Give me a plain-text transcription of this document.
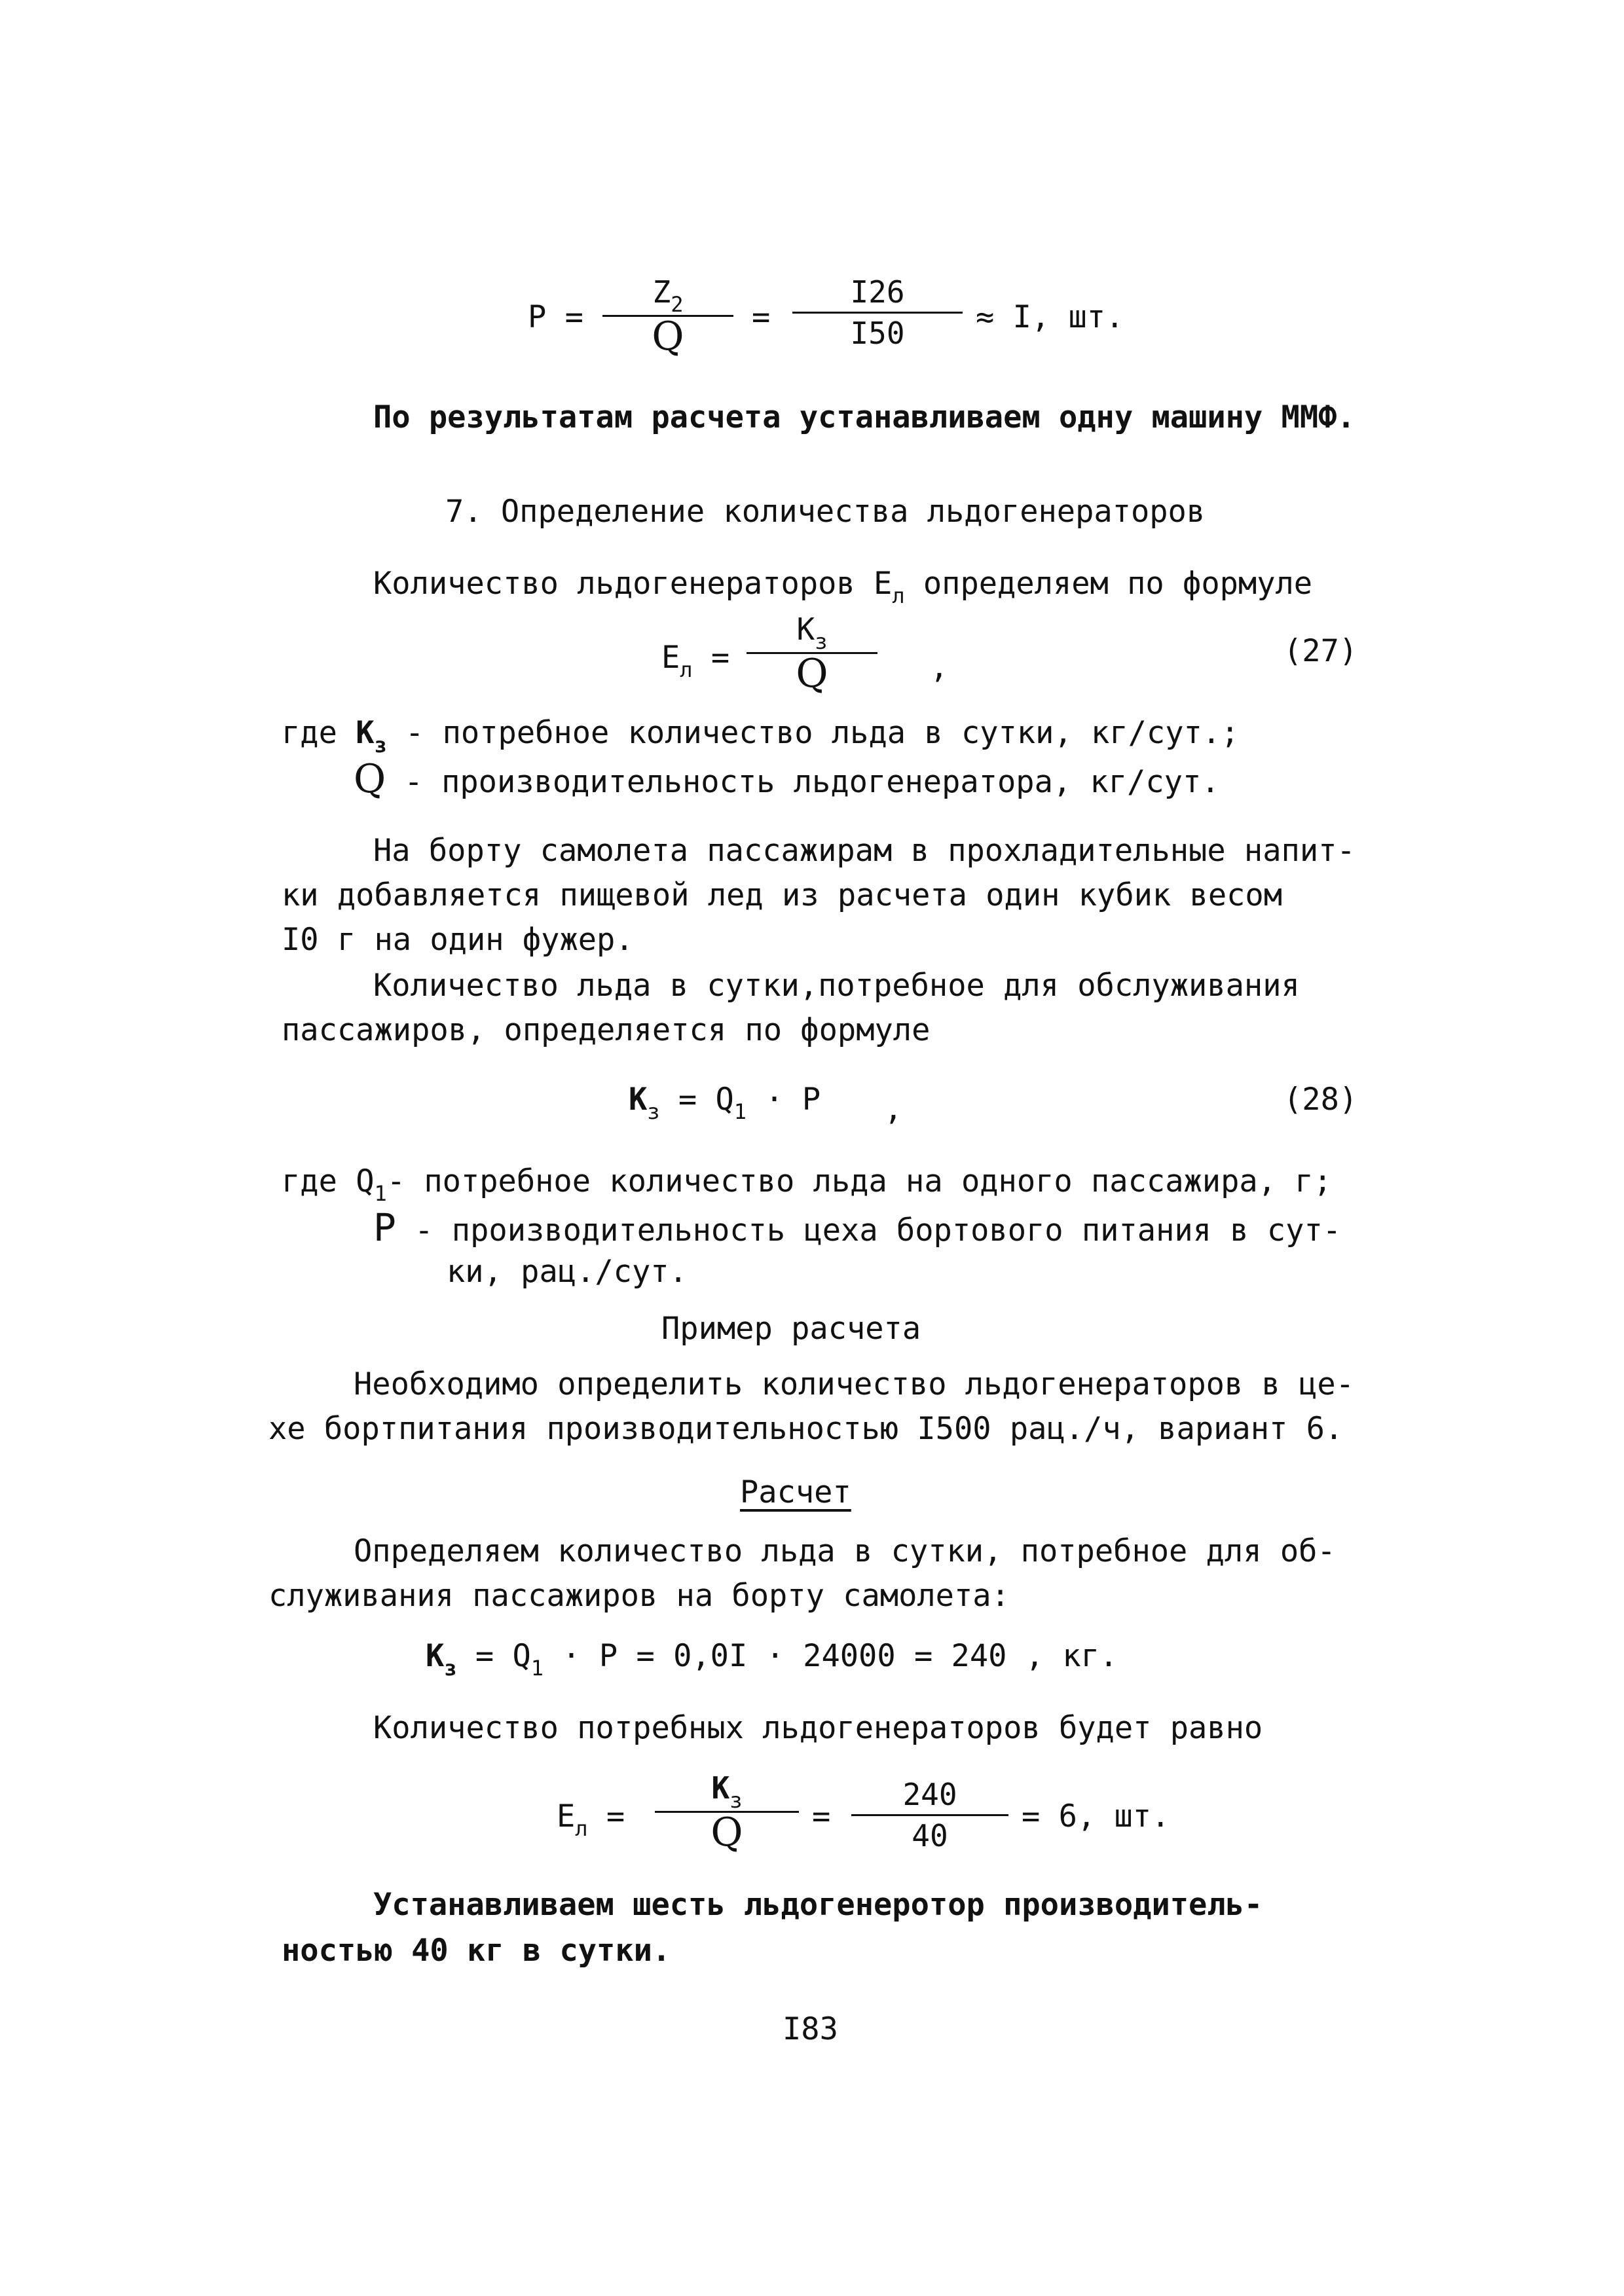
P =
$Z_2$
Q	= $\frac{I26}{I50} \approx I$, шт.
По результатам расчета устанавливаем одну машину ММФ.
7. Определение количества льдогенераторов
Количество льдогенераторов $E_л$ определяем по формуле
$E_л$ =
$K_з$
Q	,	(27)
где $K_з$ - потребное количество льда в сутки, кг/сут.;
Q - производительность льдогенератора, кг/сут.
На борту самолета пассажирам в прохладительные напит-
ки добавляется пищевой лед из расчета один кубик весом
I0 г на один фужер.
Количество льда в сутки,потребное для обслуживания
пассажиров, определяется по формуле
$K_з = Q_1 \cdot P$ ,	(28)
где $Q_1-$ потребное количество льда на одного пассажира, г;
P - производительность цеха бортового питания в сут-
ки, рац./сут.
Пример расчета
Необходимо определить количество льдогенераторов в це-
хе бортпитания производительностью I500 рац./ч, вариант 6.
Расчет
Определяем количество льда в сутки, потребное для об-
служивания пассажиров на борту самолета:
$K_з = Q_1 \cdot P = 0,0I \cdot 24000 = 240$ , кг.
Количество потребных льдогенераторов будет равно
$E_л$ =
$K_з$
Q	= $\frac{240}{40} = 6$, шт.
Устанавливаем шесть льдогенеротор производитель-
ностью 40 кг в сутки.
I83
